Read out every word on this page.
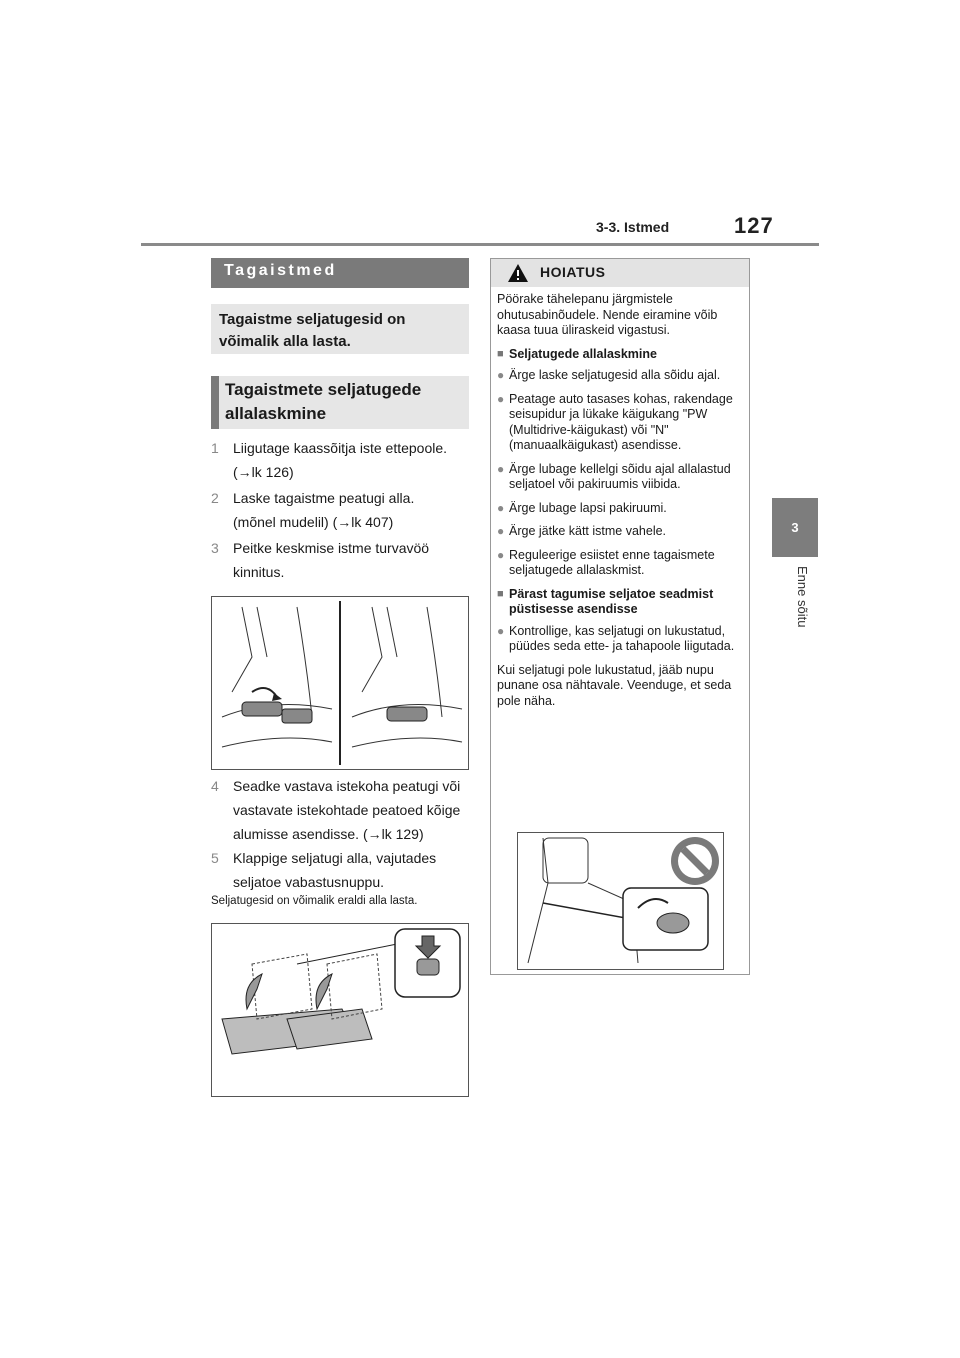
3-3. Istmed	127
3
Enne sõitu
Tagaistmed
Tagaistme seljatugesid on võimalik alla lasta.
Tagaistmete seljatugede allalaskmine
1 Liigutage kaassõitja iste ettepoole.
(→lk 126)
2 Laske tagaistme peatugi alla.
(mõnel mudelil) (→lk 407)
3 Peitke keskmise istme turvavöö
kinnitus.
4 Seadke vastava istekoha peatugi või
vastavate istekohtade peatoed kõige
alumisse asendisse. (→lk 129)
5 Klappige seljatugi alla, vajutades
seljatoe vabastusnuppu.
Seljatugesid on võimalik eraldi alla lasta.
HOIATUS

Pöörake tähelepanu järgmistele ohutusabinõudele. Nende eiramine võib kaasa tuua üliraskeid vigastusi.

■ Seljatugede allalaskmine
● Ärge laske seljatugesid alla sõidu ajal.
● Peatage auto tasases kohas, rakendage seisupidur ja lükake käigukang "PW (Multidrive-käigukast) või "N" (manuaalkäigukast) asendisse.
● Ärge lubage kellelgi sõidu ajal allalastud seljatoel või pakiruumis viibida.
● Ärge lubage lapsi pakiruumi.
● Ärge jätke kätt istme vahele.
● Reguleerige esiistet enne tagaismete seljatugede allalaskmist.
■ Pärast tagumise seljatoe seadmist püstisesse asendisse
● Kontrollige, kas seljatugi on lukustatud, püüdes seda ette- ja tahapoole liigutada.

Kui seljatugi pole lukustatud, jääb nupu punane osa nähtavale. Veenduge, et seda pole näha.
